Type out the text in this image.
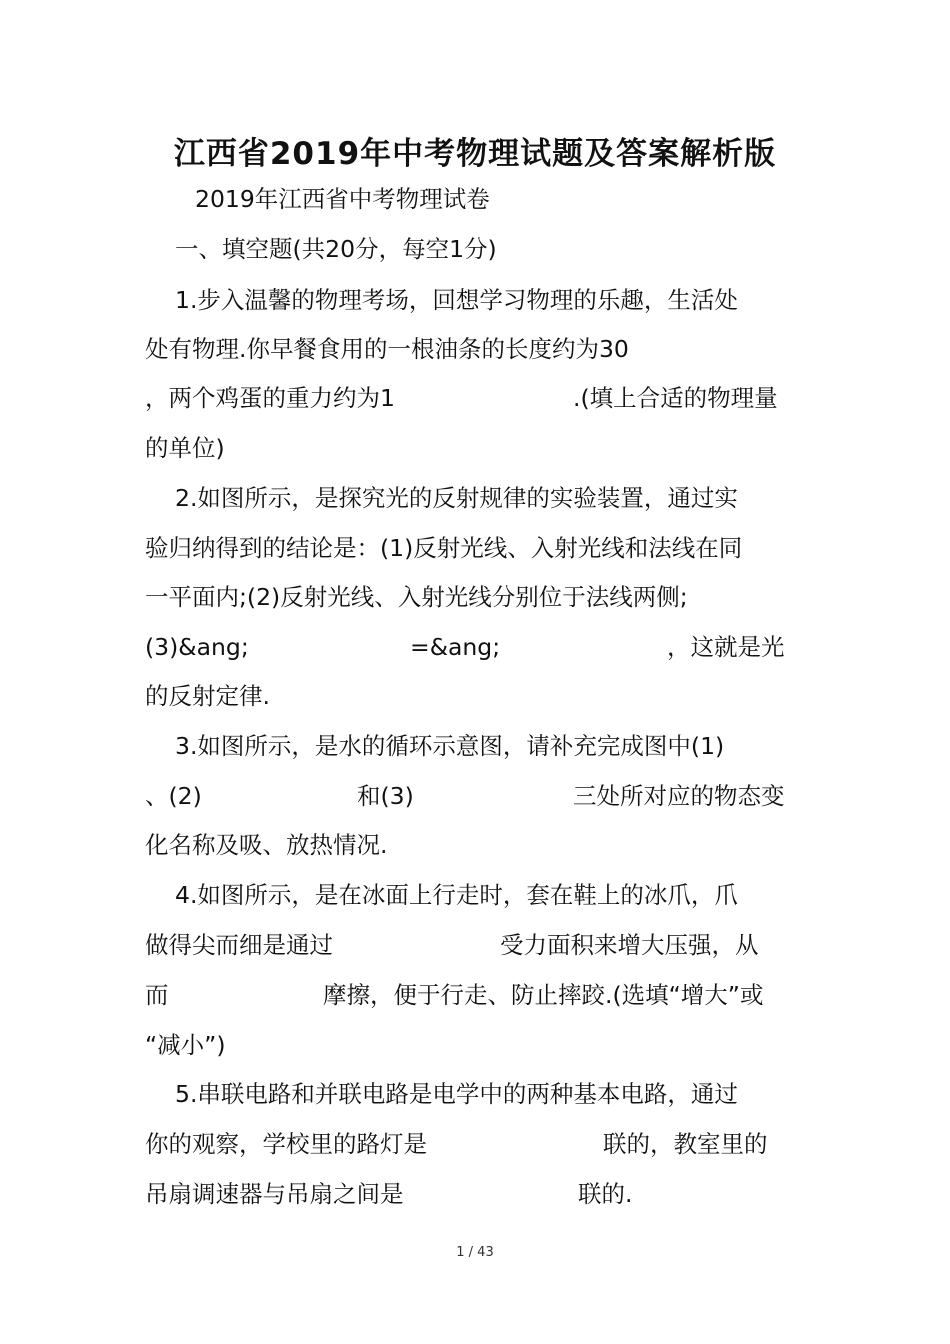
江西省2019年中考物理试题及答案解析版
2019年江西省中考物理试卷
一、填空题(共20分，每空1分)
1.步入温馨的物理考场，回想学习物理的乐趣，生活处
处有物理.你早餐食用的一根油条的长度约为30
，两个鸡蛋的重力约为1	.(填上合适的物理量
的单位)
2.如图所示，是探究光的反射规律的实验装置，通过实
验归纳得到的结论是：(1)反射光线、入射光线和法线在同
一平面内;(2)反射光线、入射光线分别位于法线两侧;
(3)&ang;	=&ang;	，这就是光
的反射定律.
3.如图所示，是水的循环示意图，请补充完成图中(1)
、(2)	和(3)	三处所对应的物态变
化名称及吸、放热情况.
4.如图所示，是在冰面上行走时，套在鞋上的冰爪，爪
做得尖而细是通过	受力面积来增大压强，从
而	摩擦，便于行走、防止摔跤.(选填“增大”或
“减小”)
5.串联电路和并联电路是电学中的两种基本电路，通过
你的观察，学校里的路灯是	联的，教室里的
吊扇调速器与吊扇之间是	联的.
1 / 43
